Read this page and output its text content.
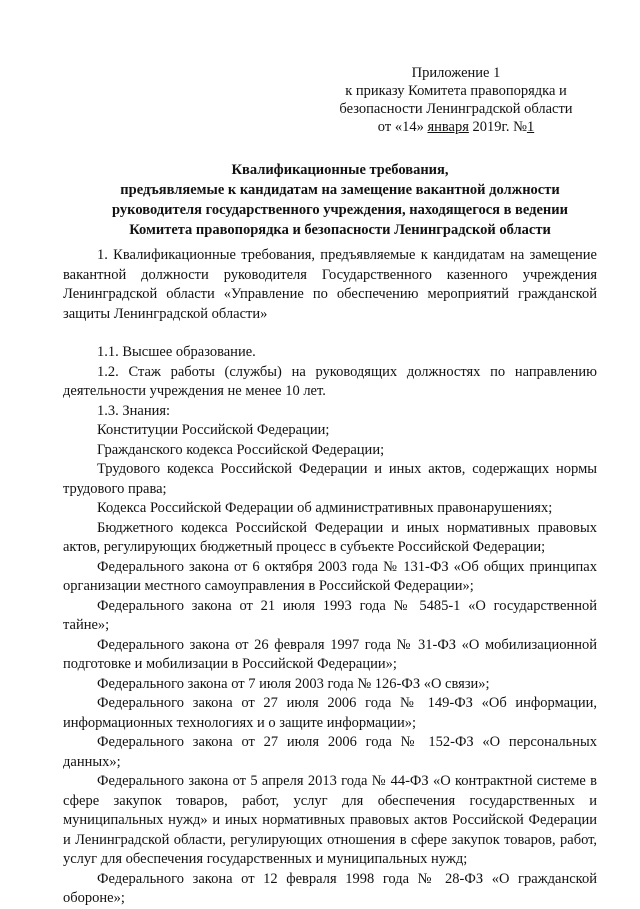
Приложение 1
к приказу Комитета правопорядка и
безопасности Ленинградской области
от «14» января 2019г. №1
Квалификационные требования,
предъявляемые к кандидатам на замещение вакантной должности
руководителя государственного учреждения, находящегося в ведении
Комитета правопорядка и безопасности Ленинградской области

1. Квалификационные требования, предъявляемые к кандидатам на замещение вакантной должности руководителя Государственного казенного учреждения Ленинградской области «Управление по обеспечению мероприятий гражданской защиты Ленинградской области»

1.1. Высшее образование.

1.2. Стаж работы (службы) на руководящих должностях по направлению деятельности учреждения не менее 10 лет.

1.3. Знания:

Конституции Российской Федерации;

Гражданского кодекса Российской Федерации;

Трудового кодекса Российской Федерации и иных актов, содержащих нормы трудового права;

Кодекса Российской Федерации об административных правонарушениях;

Бюджетного кодекса Российской Федерации и иных нормативных правовых актов, регулирующих бюджетный процесс в субъекте Российской Федерации;

Федерального закона от 6 октября 2003 года № 131-ФЗ «Об общих принципах организации местного самоуправления в Российской Федерации»;

Федерального закона от 21 июля 1993 года № 5485-1 «О государственной тайне»;

Федерального закона от 26 февраля 1997 года № 31-ФЗ «О мобилизационной подготовке и мобилизации в Российской Федерации»;

Федерального закона от 7 июля 2003 года № 126-ФЗ «О связи»;

Федерального закона от 27 июля 2006 года № 149-ФЗ «Об информации, информационных технологиях и о защите информации»;

Федерального закона от 27 июля 2006 года № 152-ФЗ «О персональных данных»;

Федерального закона от 5 апреля 2013 года № 44-ФЗ «О контрактной системе в сфере закупок товаров, работ, услуг для обеспечения государственных и муниципальных нужд» и иных нормативных правовых актов Российской Федерации и Ленинградской области, регулирующих отношения в сфере закупок товаров, работ, услуг для обеспечения государственных и муниципальных нужд;

Федерального закона от 12 февраля 1998 года № 28-ФЗ «О гражданской обороне»;
